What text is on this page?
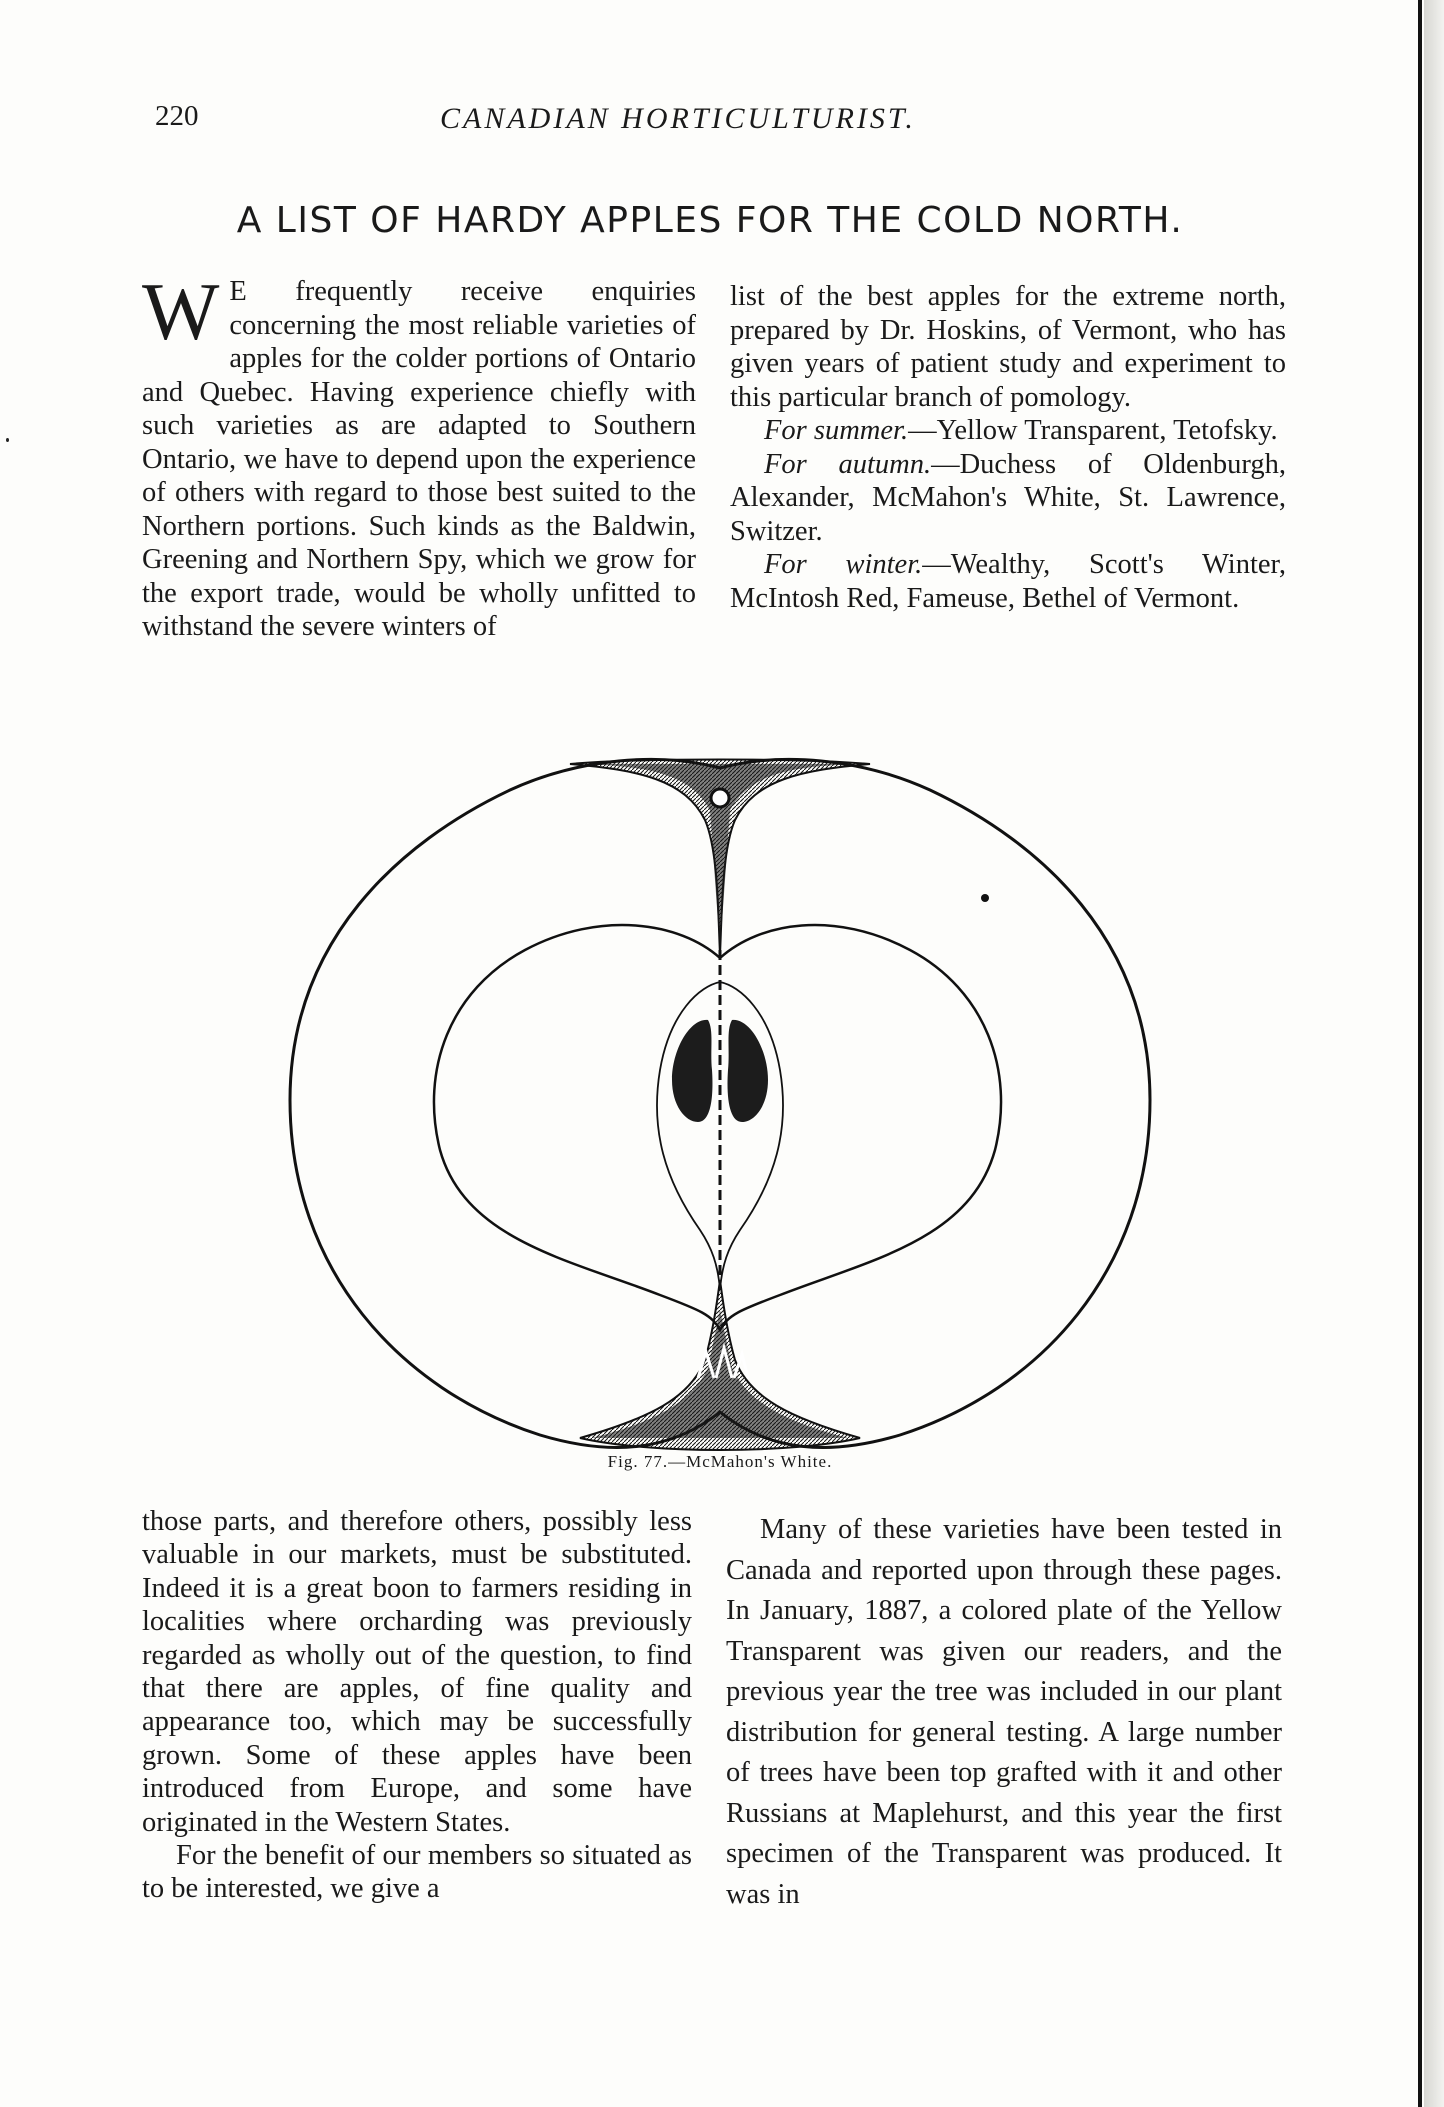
220	CANADIAN HORTICULTURIST.
A LIST OF HARDY APPLES FOR THE COLD NORTH.

W E frequently receive enquiries concerning the most reliable varieties of apples for the colder portions of Ontario and Quebec. Having experience chiefly with such varieties as are adapted to Southern Ontario, we have to depend upon the experience of others with regard to those best suited to the Northern portions. Such kinds as the Baldwin, Greening and Northern Spy, which we grow for the export trade, would be wholly unfitted to withstand the severe winters of

list of the best apples for the extreme north, prepared by Dr. Hoskins, of Vermont, who has given years of patient study and experiment to this particular branch of pomology.

For summer.—Yellow Transparent, Tetofsky.

For autumn.—Duchess of Oldenburgh, Alexander, McMahon's White, St. Lawrence, Switzer.

For winter.—Wealthy, Scott's Winter, McIntosh Red, Fameuse, Bethel of Vermont.

Fig. 77.—McMahon's White.

those parts, and therefore others, possibly less valuable in our markets, must be substituted. Indeed it is a great boon to farmers residing in localities where orcharding was previously regarded as wholly out of the question, to find that there are apples, of fine quality and appearance too, which may be successfully grown. Some of these apples have been introduced from Europe, and some have originated in the Western States.

For the benefit of our members so situated as to be interested, we give a

Many of these varieties have been tested in Canada and reported upon through these pages. In January, 1887, a colored plate of the Yellow Transparent was given our readers, and the previous year the tree was included in our plant distribution for general testing. A large number of trees have been top grafted with it and other Russians at Maplehurst, and this year the first specimen of the Transparent was produced. It was in
